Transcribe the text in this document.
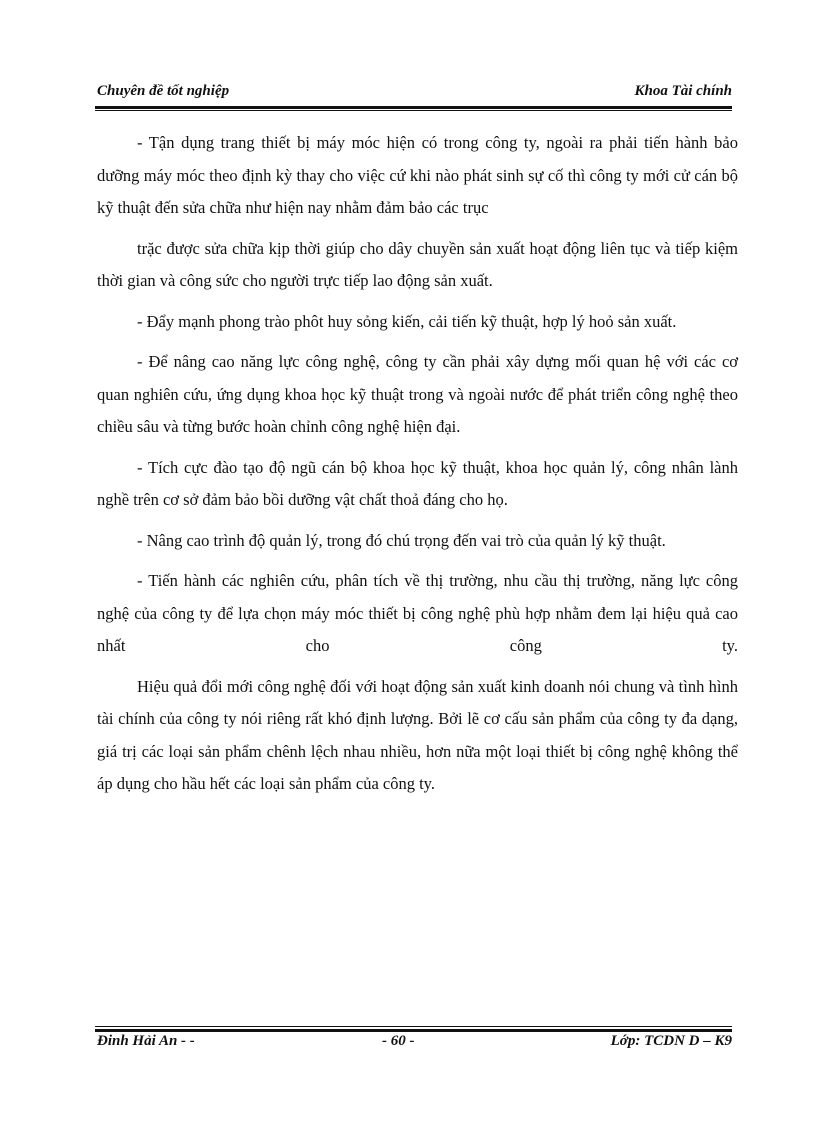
Chuyên đề tốt nghiệp	Khoa Tài chính

- Tận dụng trang thiết bị máy móc hiện có trong công ty, ngoài ra phải tiến hành bảo dưỡng máy móc theo định kỳ thay cho việc cứ khi nào phát sinh sự cố thì công ty mới cử cán bộ kỹ thuật đến sửa chữa như hiện nay nhằm đảm bảo các trục

trặc được sửa chữa kịp thời giúp cho dây chuyền sản xuất hoạt động liên tục và tiếp kiệm thời gian và công sức cho người trực tiếp lao động sản xuất.

- Đẩy mạnh phong trào phôt huy sỏng kiến, cải tiến kỹ thuật, hợp lý hoỏ sản xuất.

- Để nâng cao năng lực công nghệ, công ty cần phải xây dựng mối quan hệ với các cơ quan nghiên cứu, ứng dụng khoa học kỹ thuật trong và ngoài nước để phát triển công nghệ theo chiều sâu và từng bước hoàn chỉnh công nghệ hiện đại.

- Tích cực đào tạo độ ngũ cán bộ khoa học kỹ thuật, khoa học quản lý, công nhân lành nghề trên cơ sở đảm bảo bồi dưỡng vật chất thoả đáng cho họ.

- Nâng cao trình độ quản lý, trong đó chú trọng đến vai trò của quản lý kỹ thuật.

- Tiến hành các nghiên cứu, phân tích về thị trường, nhu cầu thị trường, năng lực công nghệ của công ty để lựa chọn máy móc thiết bị công nghệ phù hợp nhằm đem lại hiệu quả cao nhất cho công ty.

Hiệu quả đổi mới công nghệ đối với hoạt động sản xuất kinh doanh nói chung và tình hình tài chính của công ty nói riêng rất khó định lượng. Bởi lẽ cơ cấu sản phẩm của công ty đa dạng, giá trị các loại sản phẩm chênh lệch nhau nhiều, hơn nữa một loại thiết bị công nghệ không thể áp dụng cho hầu hết các loại sản phẩm của công ty.

Đinh Hải An - -	- 60 -	Lớp: TCDN D – K9
